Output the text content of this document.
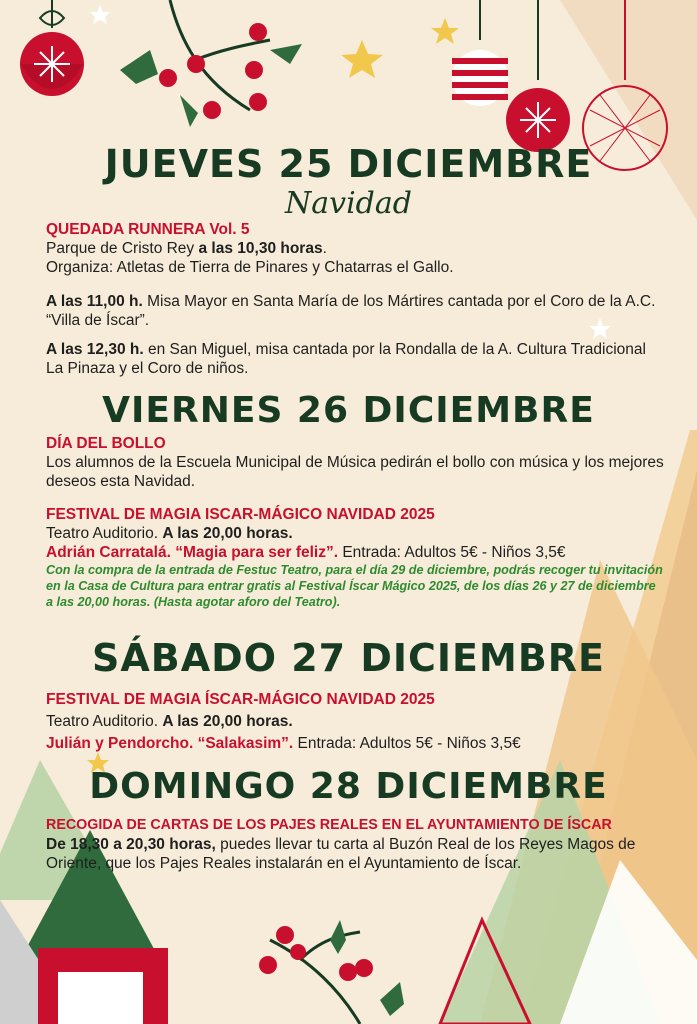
JUEVES 25 DICIEMBRE
Navidad
QUEDADA RUNNERA Vol. 5
Parque de Cristo Rey a las 10,30 horas.
Organiza: Atletas de Tierra de Pinares y Chatarras el Gallo.
A las 11,00 h. Misa Mayor en Santa María de los Mártires cantada por el Coro de la A.C. “Villa de Íscar”.
A las 12,30 h. en San Miguel, misa cantada por la Rondalla de la A. Cultura Tradicional La Pinaza y el Coro de niños.
VIERNES 26 DICIEMBRE
DÍA DEL BOLLO
Los alumnos de la Escuela Municipal de Música pedirán el bollo con música y los mejores deseos esta Navidad.
FESTIVAL DE MAGIA ISCAR-MÁGICO NAVIDAD 2025
Teatro Auditorio. A las 20,00 horas.
Adrián Carratalá. “Magia para ser feliz”. Entrada: Adultos 5€ - Niños 3,5€
Con la compra de la entrada de Festuc Teatro, para el día 29 de diciembre, podrás recoger tu invitación en la Casa de Cultura para entrar gratis al Festival Íscar Mágico 2025, de los días 26 y 27 de diciembre a las 20,00 horas. (Hasta agotar aforo del Teatro).
SÁBADO 27 DICIEMBRE
FESTIVAL DE MAGIA ÍSCAR-MÁGICO NAVIDAD 2025
Teatro Auditorio. A las 20,00 horas.
Julián y Pendorcho. “Salakasim”. Entrada: Adultos 5€ - Niños 3,5€
DOMINGO 28 DICIEMBRE
RECOGIDA DE CARTAS DE LOS PAJES REALES EN EL AYUNTAMIENTO DE ÍSCAR
De 18,30 a 20,30 horas, puedes llevar tu carta al Buzón Real de los Reyes Magos de Oriente, que los Pajes Reales instalarán en el Ayuntamiento de Íscar.
